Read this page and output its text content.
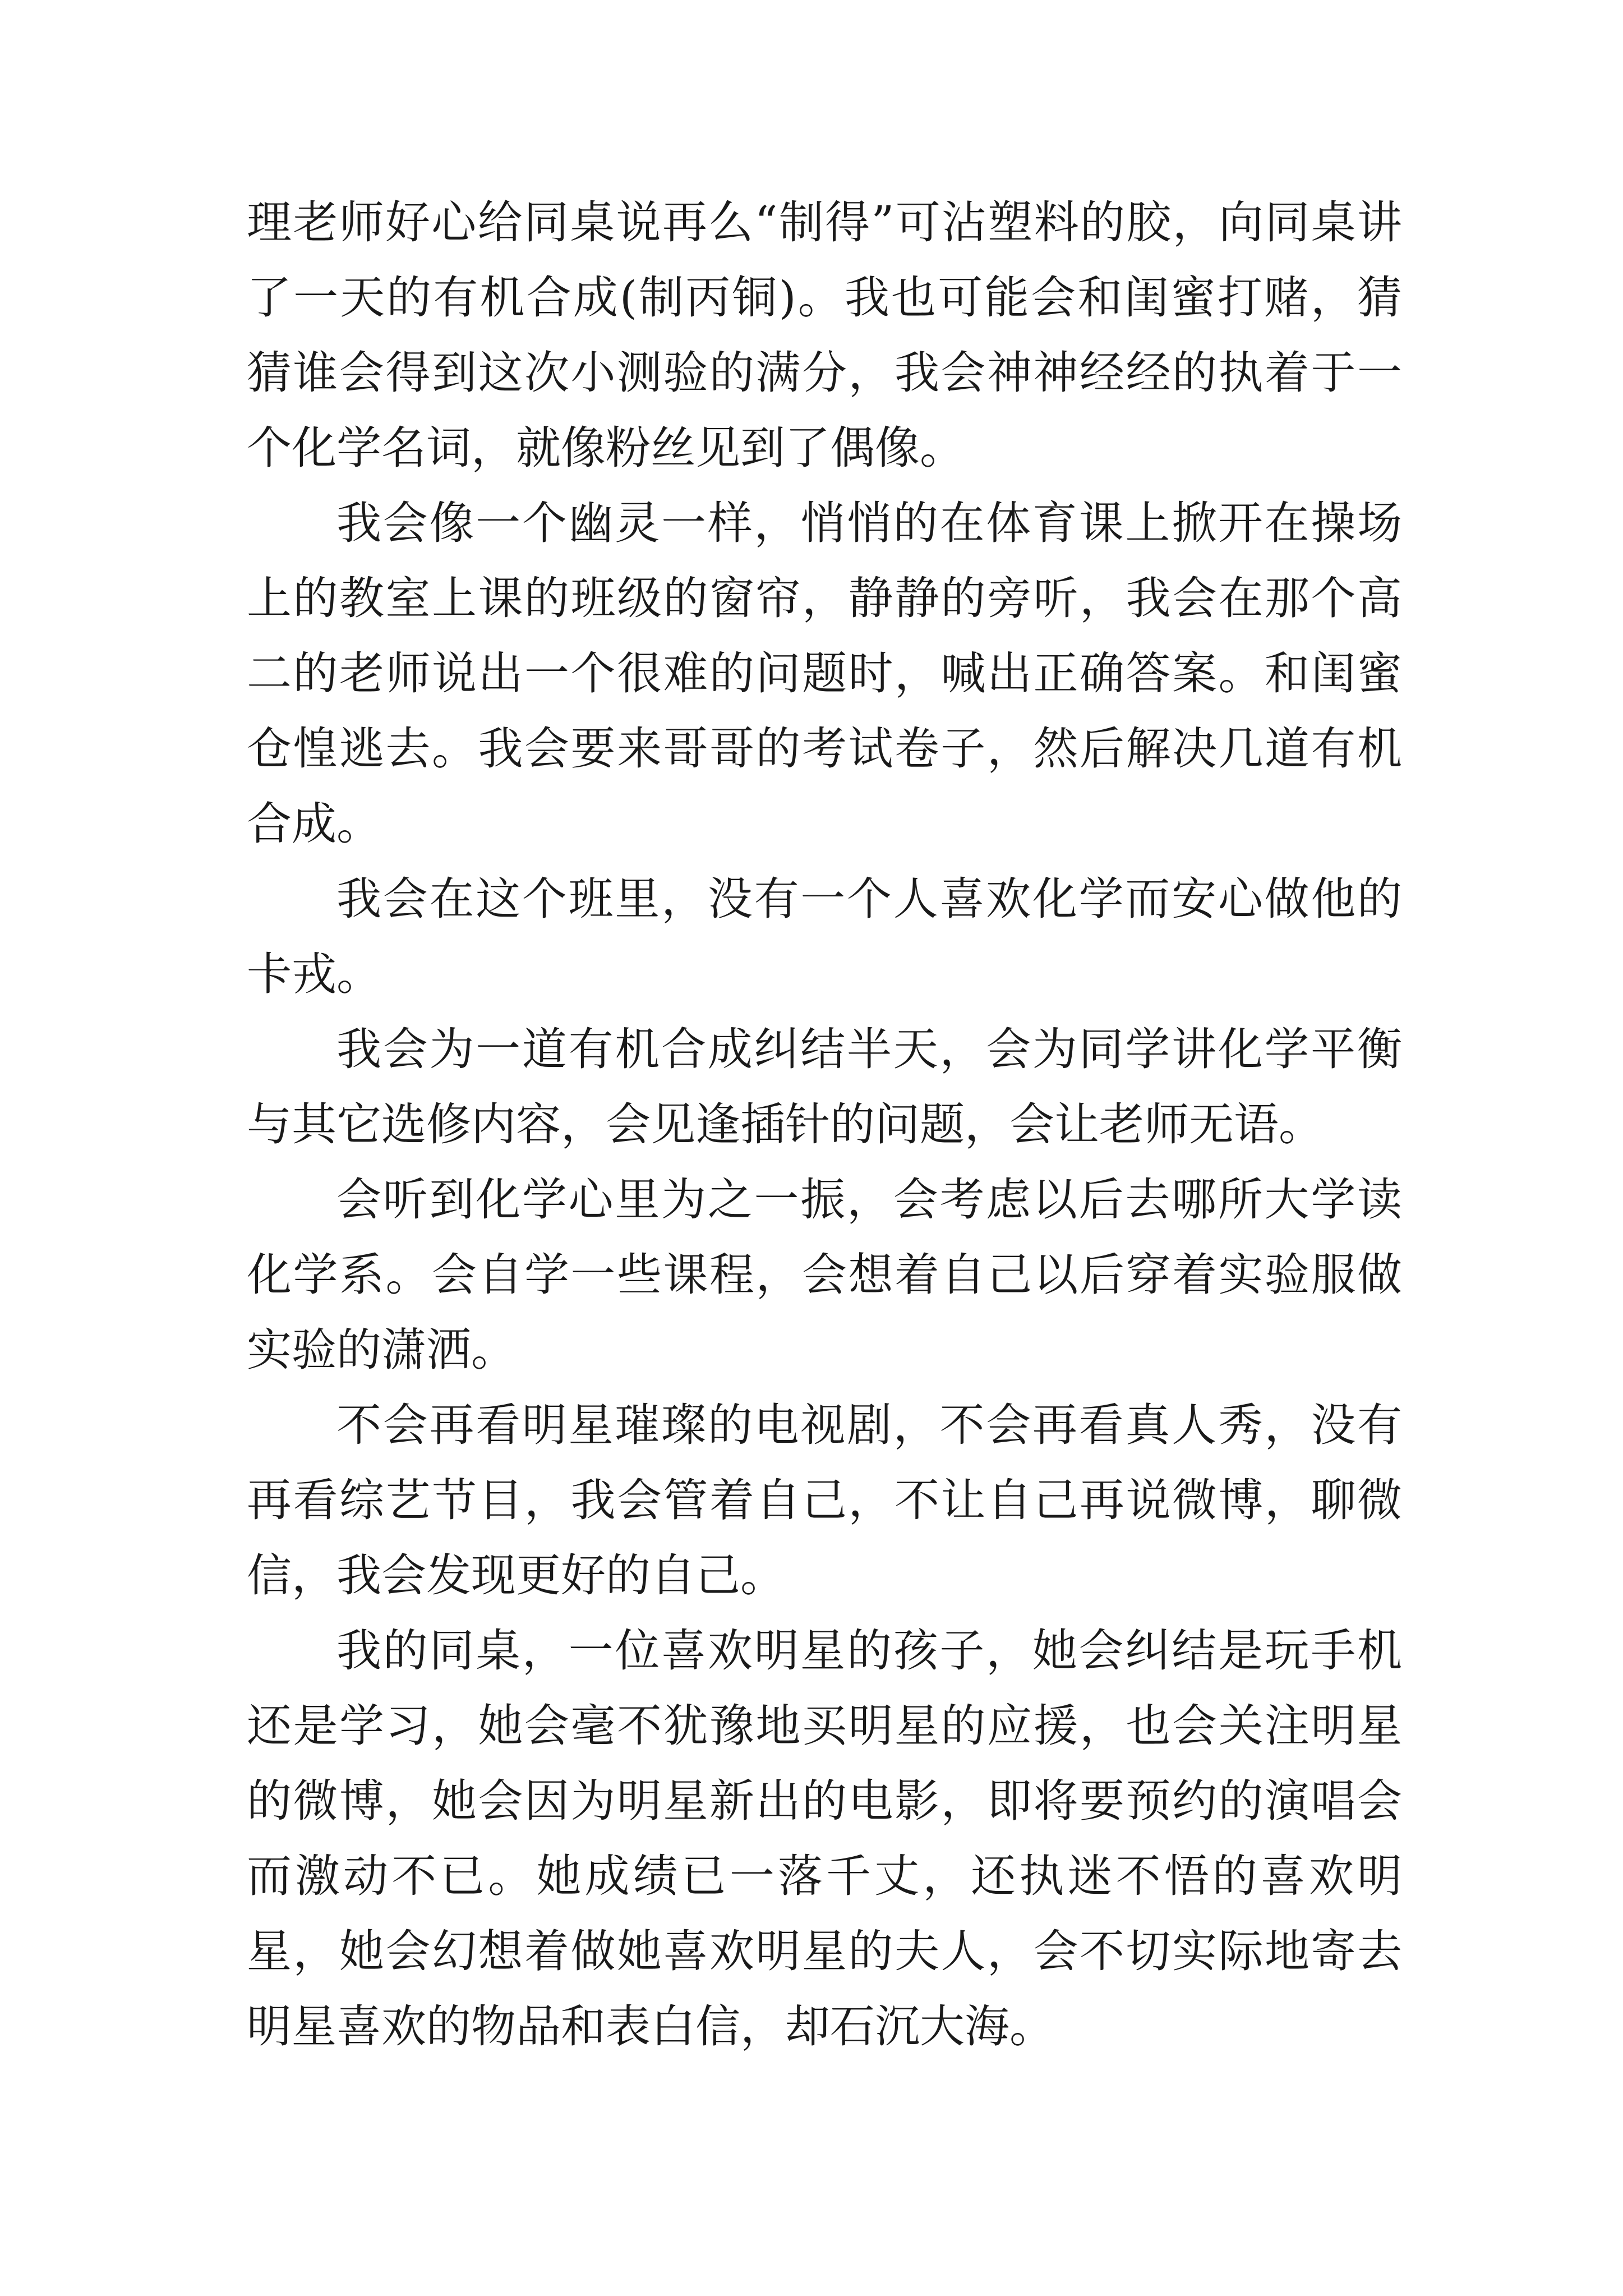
理老师好心给同桌说再么“制得”可沾塑料的胶，向同桌讲了一天的有机合成(制丙铜)。我也可能会和闺蜜打赌，猜猜谁会得到这次小测验的满分，我会神神经经的执着于一个化学名词，就像粉丝见到了偶像。

我会像一个幽灵一样，悄悄的在体育课上掀开在操场上的教室上课的班级的窗帘，静静的旁听，我会在那个高二的老师说出一个很难的问题时，喊出正确答案。和闺蜜仓惶逃去。我会要来哥哥的考试卷子，然后解决几道有机合成。

我会在这个班里，没有一个人喜欢化学而安心做他的卡戎。

我会为一道有机合成纠结半天，会为同学讲化学平衡与其它选修内容，会见逢插针的问题，会让老师无语。

会听到化学心里为之一振，会考虑以后去哪所大学读化学系。会自学一些课程，会想着自己以后穿着实验服做实验的潇洒。

不会再看明星璀璨的电视剧，不会再看真人秀，没有再看综艺节目，我会管着自己，不让自己再说微博，聊微信，我会发现更好的自己。

我的同桌，一位喜欢明星的孩子，她会纠结是玩手机还是学习，她会毫不犹豫地买明星的应援，也会关注明星的微博，她会因为明星新出的电影，即将要预约的演唱会而激动不已。她成绩已一落千丈，还执迷不悟的喜欢明星，她会幻想着做她喜欢明星的夫人，会不切实际地寄去明星喜欢的物品和表白信，却石沉大海。
